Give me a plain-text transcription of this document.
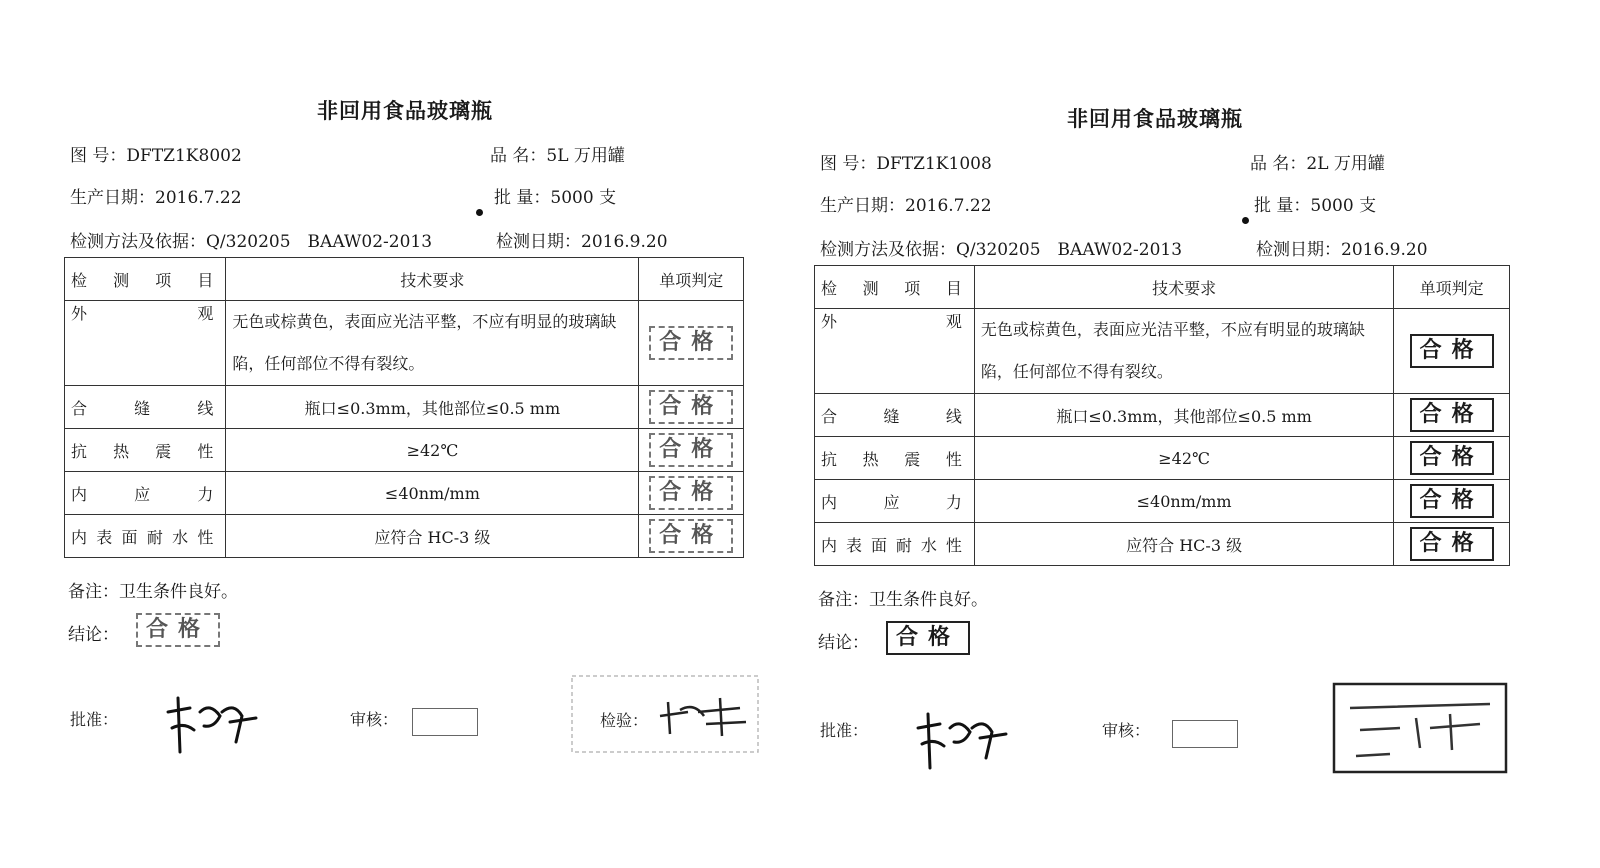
非回用食品玻璃瓶
图 号：DFTZ1K8002	品 名：5L 万用罐
生产日期：2016.7.22	批 量：5000 支
检测方法及依据：Q/320205　BAAW02-2013	检测日期：2016.9.20
检 测 项 目	技术要求	单项判定
外观	无色或棕黄色，表面应光洁平整，不应有明显的玻璃缺陷，任何部位不得有裂纹。	合格
合缝线	瓶口≤0.3mm，其他部位≤0.5 mm	合格
抗热震性	≥42℃	合格
内应力	≤40nm/mm	合格
内表面耐水性	应符合 HC-3 级	合格
备注：卫生条件良好。
结论：	合格
批准：	审核：	检验：
非回用食品玻璃瓶
图 号：DFTZ1K1008	品 名：2L 万用罐
生产日期：2016.7.22	批 量：5000 支
检测方法及依据：Q/320205　BAAW02-2013	检测日期：2016.9.20
检 测 项 目	技术要求	单项判定
外观	无色或棕黄色，表面应光洁平整，不应有明显的玻璃缺陷，任何部位不得有裂纹。	合格
合缝线	瓶口≤0.3mm，其他部位≤0.5 mm	合格
抗热震性	≥42℃	合格
内应力	≤40nm/mm	合格
内表面耐水性	应符合 HC-3 级	合格
备注：卫生条件良好。
结论：	合格
批准：	审核：
